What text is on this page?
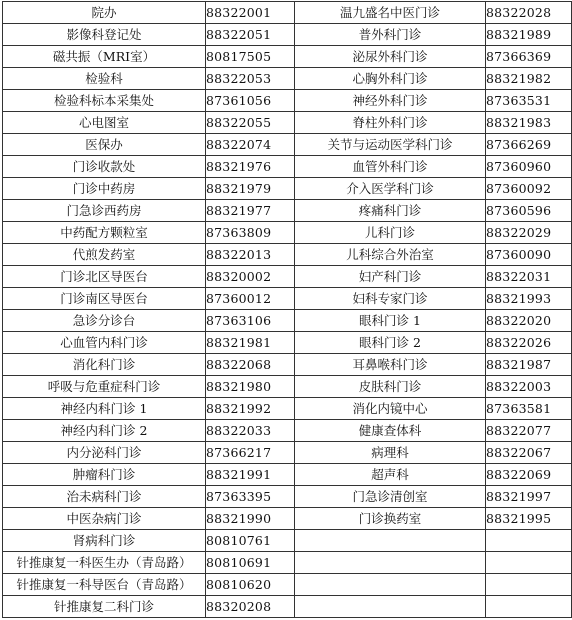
院办	88322001	温九盛名中医门诊	88322028
影像科登记处	88322051	普外科门诊	88321989
磁共振（MRI室）	80817505	泌尿外科门诊	87366369
检验科	88322053	心胸外科门诊	88321982
检验科标本采集处	87361056	神经外科门诊	87363531
心电图室	88322055	脊柱外科门诊	88321983
医保办	88322074	关节与运动医学科门诊	87366269
门诊收款处	88321976	血管外科门诊	87360960
门诊中药房	88321979	介入医学科门诊	87360092
门急诊西药房	88321977	疼痛科门诊	87360596
中药配方颗粒室	87363809	儿科门诊	88322029
代煎发药室	88322013	儿科综合外治室	87360090
门诊北区导医台	88320002	妇产科门诊	88322031
门诊南区导医台	87360012	妇科专家门诊	88321993
急诊分诊台	87363106	眼科门诊 1	88322020
心血管内科门诊	88321981	眼科门诊 2	88322026
消化科门诊	88322068	耳鼻喉科门诊	88321987
呼吸与危重症科门诊	88321980	皮肤科门诊	88322003
神经内科门诊 1	88321992	消化内镜中心	87363581
神经内科门诊 2	88322033	健康查体科	88322077
内分泌科门诊	87366217	病理科	88322067
肿瘤科门诊	88321991	超声科	88322069
治未病科门诊	87363395	门急诊清创室	88321997
中医杂病门诊	88321990	门诊换药室	88321995
肾病科门诊	80810761		
针推康复一科医生办（青岛路）	80810691		
针推康复一科导医台（青岛路）	80810620		
针推康复二科门诊	88320208		
